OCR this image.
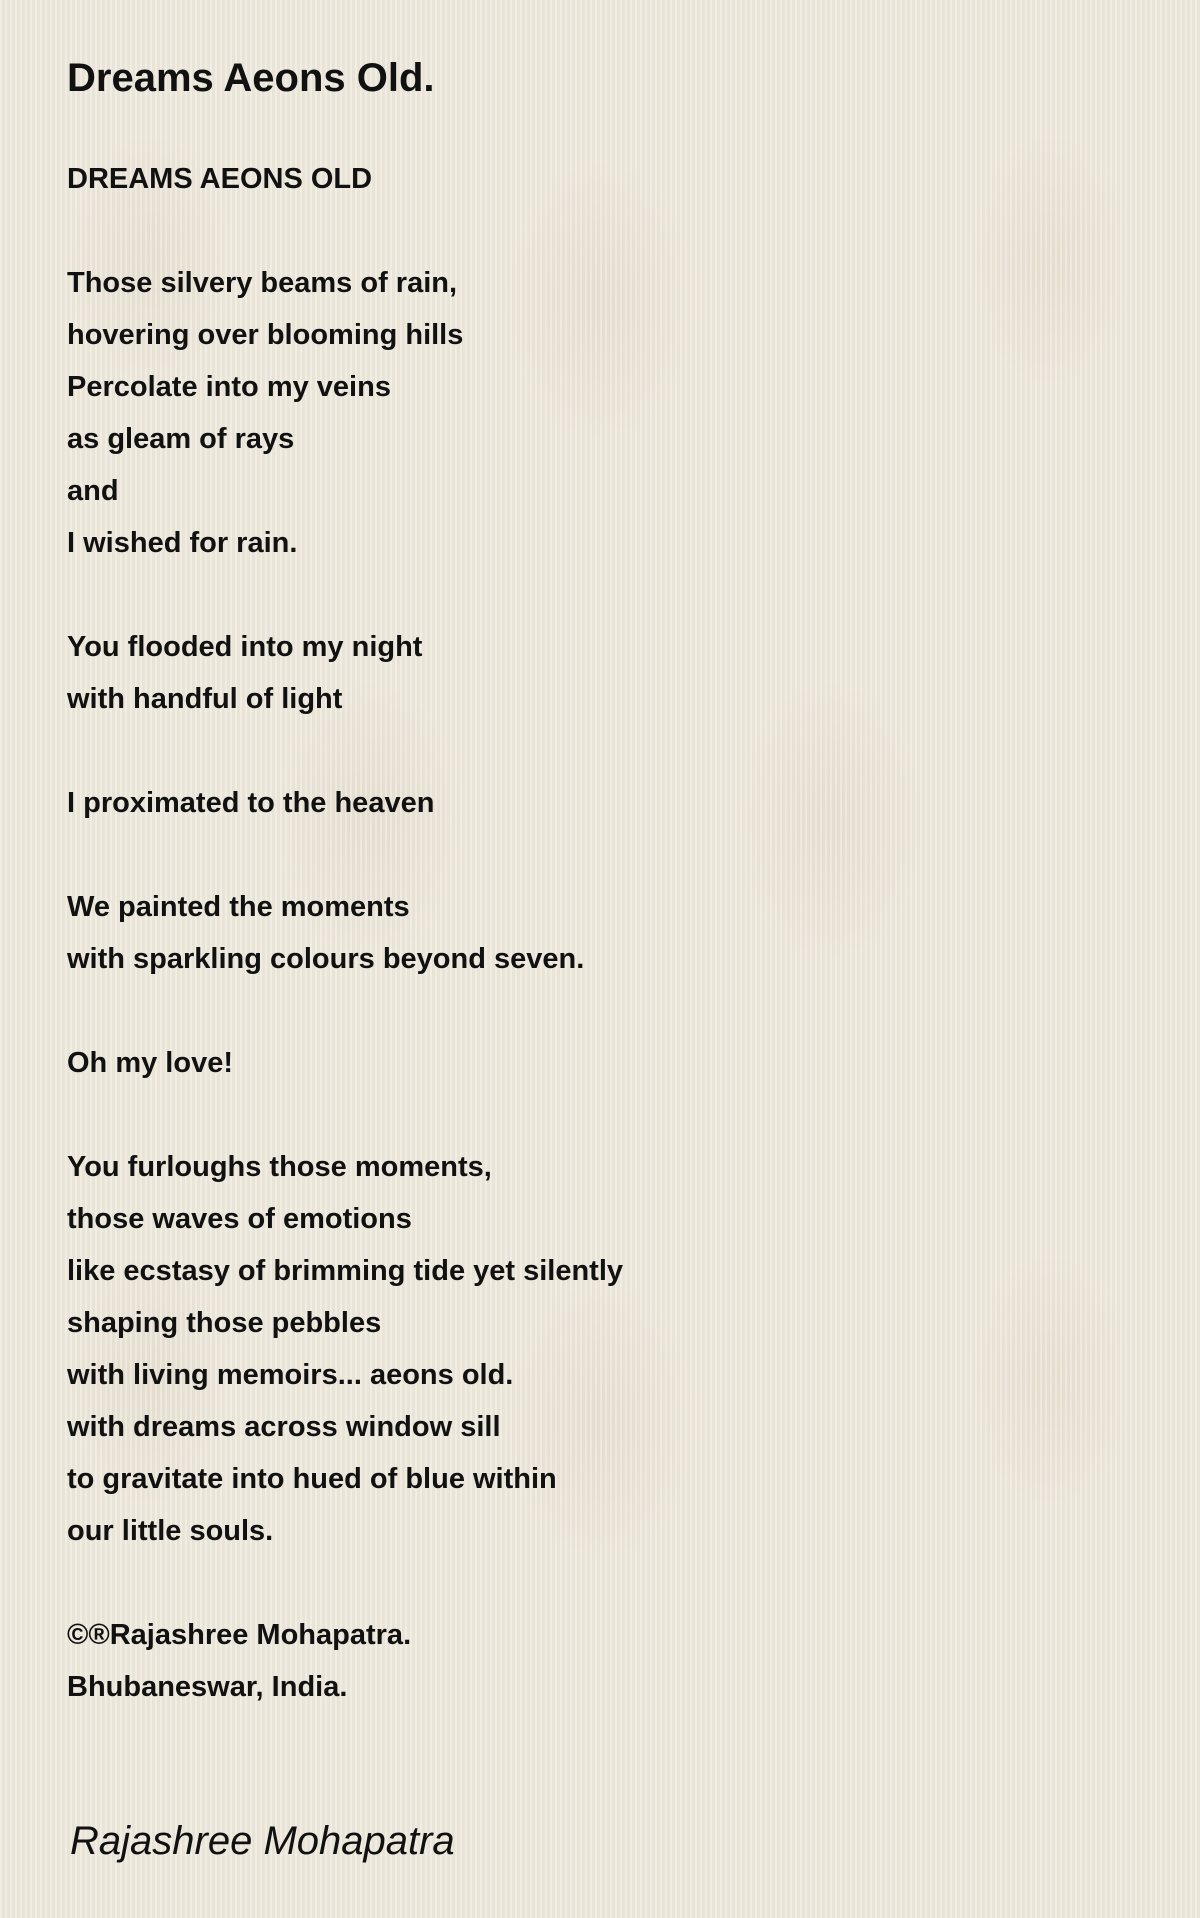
Dreams Aeons Old.
DREAMS AEONS OLD
Those silvery beams of rain,
hovering over blooming hills
Percolate into my veins
as gleam of rays
and
I wished for rain.
You flooded into my night
with handful of light
I proximated to the heaven
We painted the moments
with sparkling colours beyond seven.
Oh my love!
You furloughs those moments,
those waves of emotions
like ecstasy of brimming tide yet silently
shaping those pebbles
with living memoirs... aeons old.
with dreams across window sill
to gravitate into hued of blue within
our little souls.
©®Rajashree Mohapatra.
Bhubaneswar, India.
Rajashree Mohapatra
